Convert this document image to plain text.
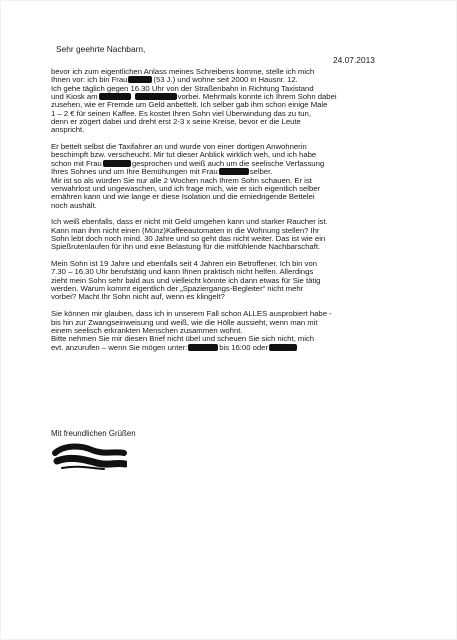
Sehr geehrte Nachbarn,
24.07.2013
bevor ich zum eigentlichen Anlass meines Schreibens komme, stelle ich mich
Ihnen vor: ich bin Frau	(53 J.) und wohne seit 2000 in Hausnr. 12.
Ich gehe täglich gegen 16.30 Uhr von der Straßenbahn in Richtung Taxistand
und Kiosk am	vorbei. Mehrmals konnte ich Ihrem Sohn dabei
zusehen, wie er Fremde um Geld anbettelt. Ich selber gab ihm schon einige Male
1 – 2 € für seinen Kaffee. Es kostet Ihren Sohn viel Überwindung das zu tun,
denn er zögert dabei und dreht erst 2-3 x seine Kreise, bevor er die Leute
anspricht.
Er bettelt selbst die Taxifahrer an und wurde von einer dortigen Anwohnerin
beschimpft bzw. verscheucht. Mir tut dieser Anblick wirklich weh, und ich habe
schon mit Frau	gesprochen und weiß auch um die seelische Verfassung
Ihres Sohnes und um Ihre Bemühungen mit Frau	selber.
Mir ist so als würden Sie nur alle 2 Wochen nach Ihrem Sohn schauen. Er ist
verwahrlost und ungewaschen, und ich frage mich, wie er sich eigentlich selber
ernähren kann und wie lange er diese Isolation und die erniedrigende Bettelei
noch aushält.
Ich weiß ebenfalls, dass er nicht mit Geld umgehen kann und starker Raucher ist.
Kann man ihm nicht einen (Münz)Kaffeeautomaten in die Wohnung stellen? Ihr
Sohn lebt doch noch mind. 30 Jahre und so geht das nicht weiter. Das ist wie ein
Spießrutenlaufen für ihn und eine Belastung für die mitfühlende Nachbarschaft.
Mein Sohn ist 19 Jahre und ebenfalls seit 4 Jahren ein Betroffener. Ich bin von
7.30 – 16.30 Uhr berufstätig und kann Ihnen praktisch nicht helfen. Allerdings
zieht mein Sohn sehr bald aus und vielleicht könnte ich dann etwas für Sie tätig
werden. Warum kommt eigentlich der „Spaziergangs-Begleiter“ nicht mehr
vorbei? Macht Ihr Sohn nicht auf, wenn es klingelt?
Sie können mir glauben, dass ich in unserem Fall schon ALLES ausprobiert habe -
bis hin zur Zwangseinweisung und weiß, wie die Hölle aussieht, wenn man mit
einem seelisch erkrankten Menschen zusammen wohnt.
Bitte nehmen Sie mir diesen Brief nicht übel und scheuen Sie sich nicht, mich
evt. anzurufen – wenn Sie mögen unter:	bis 16:00 oder
Mit freundlichen Grüßen
